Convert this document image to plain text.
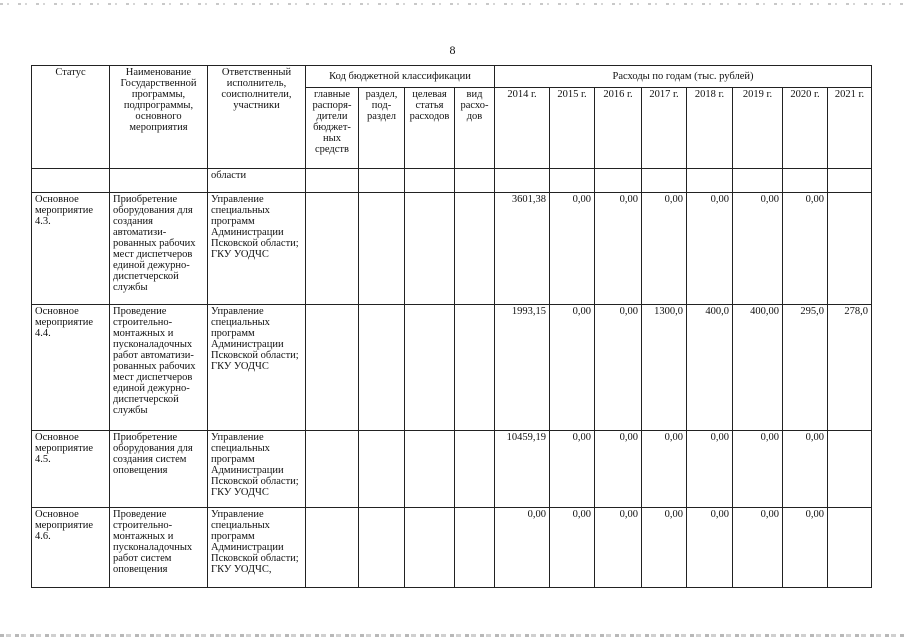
8
Статус	Наименование Государственной программы, подпрограммы, основного мероприятия	Ответственный исполнитель, соисполнители, участники	Код бюджетной классификации				Расходы по годам (тыс. рублей)							
			главные распоря-дители бюджет-ных средств	раздел, под-раздел	целевая статья расходов	вид расхо-дов	2014 г.	2015 г.	2016 г.	2017 г.	2018 г.	2019 г.	2020 г.	2021 г.
		области												
Основное мероприятие 4.3.	Приобретение оборудования для создания автоматизи-рованных рабочих мест диспетчеров единой дежурно-диспетчерской службы	Управление специальных программ Администрации Псковской области; ГКУ УОДЧС					3601,38	0,00	0,00	0,00	0,00	0,00	0,00	
Основное мероприятие 4.4.	Проведение строительно-монтажных и пусконаладочных работ автоматизи-рованных рабочих мест диспетчеров единой дежурно-диспетчерской службы	Управление специальных программ Администрации Псковской области; ГКУ УОДЧС					1993,15	0,00	0,00	1300,0	400,0	400,00	295,0	278,0
Основное мероприятие 4.5.	Приобретение оборудования для создания систем оповещения	Управление специальных программ Администрации Псковской области; ГКУ УОДЧС					10459,19	0,00	0,00	0,00	0,00	0,00	0,00	
Основное мероприятие 4.6.	Проведение строительно-монтажных и пусконаладочных работ систем оповещения	Управление специальных программ Администрации Псковской области; ГКУ УОДЧС,					0,00	0,00	0,00	0,00	0,00	0,00	0,00	
